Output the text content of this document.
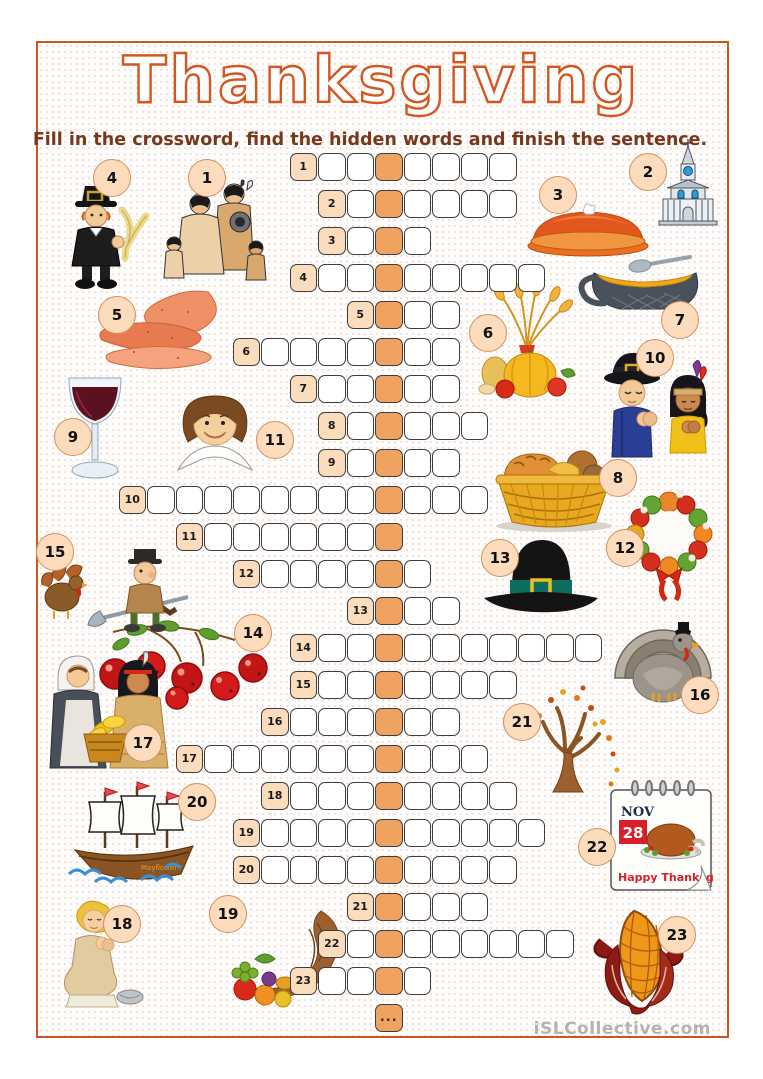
Thanksgiving
Fill in the crossword, find the hidden words and finish the sentence.
Mayflower
NOV
28
Happy Thanksg
1
2
3
4
5
6
7
8
9
10
11
12
13
14
15
16
17
18
19
20
21
22
23
...
1	2
3
4
5
6
7
8
9
10
11
12
13
14
15
16
17
18
19
20
21
22
23
iSLCollective.com
